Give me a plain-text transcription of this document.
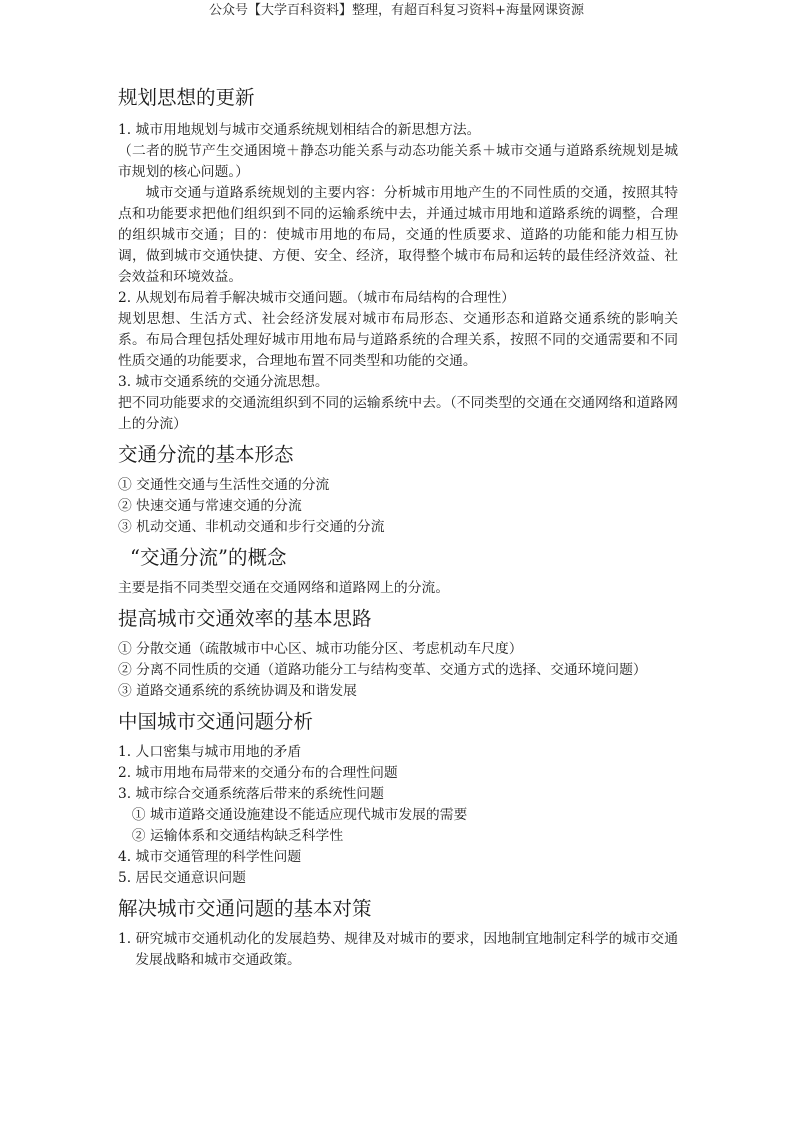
公众号【大学百科资料】整理，有超百科复习资料+海量网课资源
规划思想的更新

1. 城市用地规划与城市交通系统规划相结合的新思想方法。

（二者的脱节产生交通困境＋静态功能关系与动态功能关系＋城市交通与道路系统规划是城市规划的核心问题。）

城市交通与道路系统规划的主要内容：分析城市用地产生的不同性质的交通，按照其特点和功能要求把他们组织到不同的运输系统中去，并通过城市用地和道路系统的调整，合理的组织城市交通；目的：使城市用地的布局，交通的性质要求、道路的功能和能力相互协调，做到城市交通快捷、方便、安全、经济，取得整个城市布局和运转的最佳经济效益、社会效益和环境效益。

2. 从规划布局着手解决城市交通问题。（城市布局结构的合理性）

规划思想、生活方式、社会经济发展对城市布局形态、交通形态和道路交通系统的影响关系。布局合理包括处理好城市用地布局与道路系统的合理关系，按照不同的交通需要和不同性质交通的功能要求，合理地布置不同类型和功能的交通。

3. 城市交通系统的交通分流思想。

把不同功能要求的交通流组织到不同的运输系统中去。（不同类型的交通在交通网络和道路网上的分流）

交通分流的基本形态

① 交通性交通与生活性交通的分流

② 快速交通与常速交通的分流

③ 机动交通、非机动交通和步行交通的分流

“交通分流”的概念

主要是指不同类型交通在交通网络和道路网上的分流。

提高城市交通效率的基本思路

① 分散交通（疏散城市中心区、城市功能分区、考虑机动车尺度）

② 分离不同性质的交通（道路功能分工与结构变革、交通方式的选择、交通环境问题）

③ 道路交通系统的系统协调及和谐发展

中国城市交通问题分析

1. 人口密集与城市用地的矛盾

2. 城市用地布局带来的交通分布的合理性问题

3. 城市综合交通系统落后带来的系统性问题

① 城市道路交通设施建设不能适应现代城市发展的需要

② 运输体系和交通结构缺乏科学性

4. 城市交通管理的科学性问题

5. 居民交通意识问题

解决城市交通问题的基本对策

1. 研究城市交通机动化的发展趋势、规律及对城市的要求，因地制宜地制定科学的城市交通发展战略和城市交通政策。
